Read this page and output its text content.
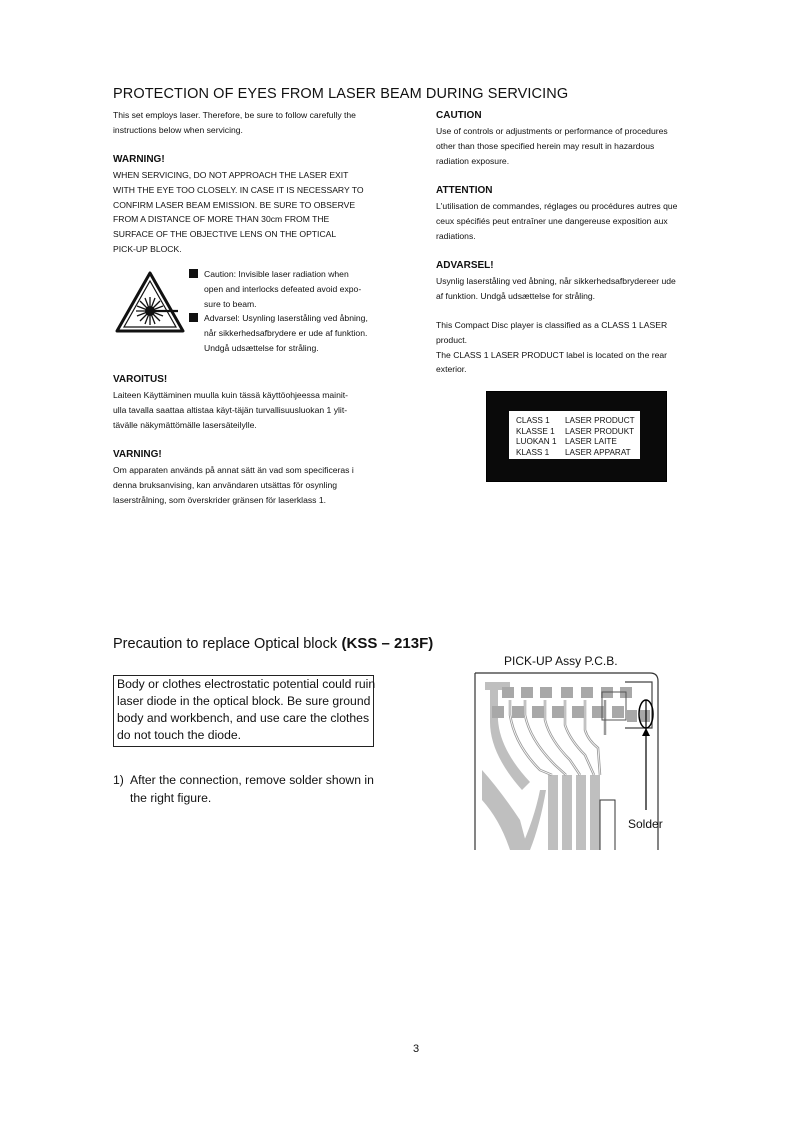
PROTECTION OF EYES FROM LASER BEAM DURING SERVICING
This set employs laser. Therefore, be sure to follow carefully the
instructions below when servicing.
WARNING!
WHEN SERVICING, DO NOT APPROACH THE LASER EXIT
WITH THE EYE TOO CLOSELY. IN CASE IT IS NECESSARY TO
CONFIRM LASER BEAM EMISSION. BE SURE TO OBSERVE
FROM A DISTANCE OF MORE THAN 30cm FROM THE
SURFACE OF THE OBJECTIVE LENS ON THE OPTICAL
PICK-UP BLOCK.
Caution: Invisible laser radiation when
open and interlocks defeated avoid expo-
sure to beam.
Advarsel: Usynling laserståling ved åbning,
når sikkerhedsafbrydere er ude af funktion.
Undgå udsættelse for stråling.
VAROITUS!
Laiteen Käyttäminen muulla kuin tässä käyttöohjeessa mainit-
ulla tavalla saattaa altistaa käyt-täjän turvallisuusluokan 1 ylit-
tävälle näkymättömälle lasersäteilylle.
VARNING!
Om apparaten används på annat sätt än vad som specificeras i
denna bruksanvising, kan användaren utsättas för osynling
laserstrålning, som överskrider gränsen för laserklass 1.
CAUTION
Use of controls or adjustments or performance of procedures
other than those specified herein may result in hazardous
radiation exposure.
ATTENTION
L'utilisation de commandes, réglages ou procédures autres que
ceux spécifiés peut entraîner une dangereuse exposition aux
radiations.
ADVARSEL!
Usynlig laserståling ved åbning, når sikkerhedsafbrydereer ude
af funktion. Undgå udsættelse for stråling.
This Compact Disc player is classified as a CLASS 1 LASER
product.
The CLASS 1 LASER PRODUCT label is located on the rear
exterior.
CLASS 1 LASER PRODUCT
KLASSE 1 LASER PRODUKT
LUOKAN 1 LASER LAITE
KLASS 1 LASER APPARAT
Precaution to replace Optical block (KSS – 213F)
Body or clothes electrostatic potential could ruin
laser diode in the optical block. Be sure ground
body and workbench, and use care the clothes
do not touch the diode.
1) After the connection, remove solder shown in
the right figure.
PICK-UP Assy P.C.B.
Solder
3
